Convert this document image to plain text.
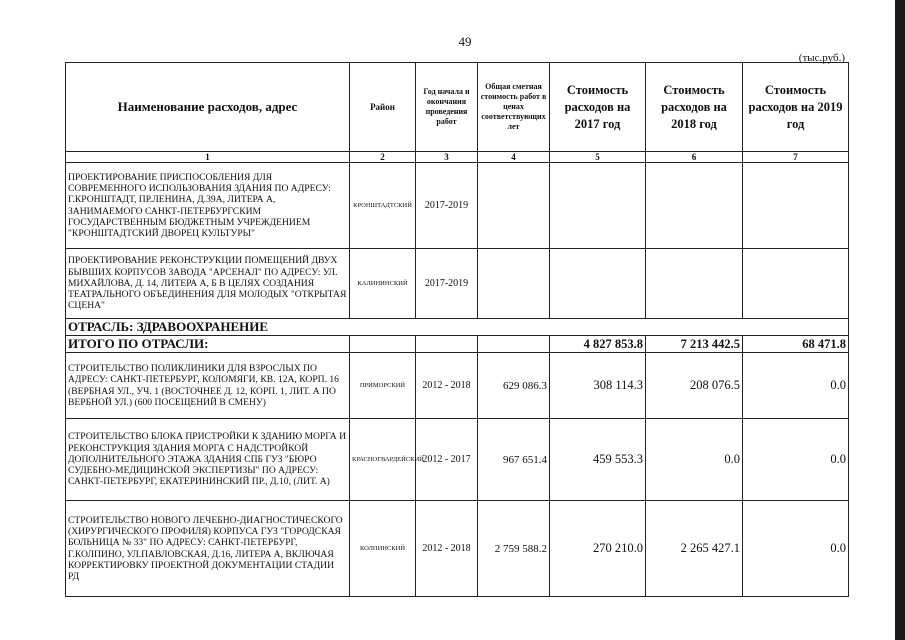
49
(тыс.руб.)
Наименование расходов, адрес	Район	Год начала и окончания проведения работ	Общая сметная стоимость работ в ценах соответствующих лет	Стоимость расходов на 2017 год	Стоимость расходов на 2018 год	Стоимость расходов на 2019 год
1	2	3	4	5	6	7
ПРОЕКТИРОВАНИЕ ПРИСПОСОБЛЕНИЯ ДЛЯ СОВРЕМЕННОГО ИСПОЛЬЗОВАНИЯ ЗДАНИЯ ПО АДРЕСУ: Г.КРОНШТАДТ, ПР.ЛЕНИНА, Д.39А, ЛИТЕРА А, ЗАНИМАЕМОГО САНКТ-ПЕТЕРБУРГСКИМ ГОСУДАРСТВЕННЫМ БЮДЖЕТНЫМ УЧРЕЖДЕНИЕМ "КРОНШТАДТСКИЙ ДВОРЕЦ КУЛЬТУРЫ"	КРОНШТАДТСКИЙ	2017-2019				
ПРОЕКТИРОВАНИЕ РЕКОНСТРУКЦИИ ПОМЕЩЕНИЙ ДВУХ БЫВШИХ КОРПУСОВ ЗАВОДА "АРСЕНАЛ" ПО АДРЕСУ: УЛ. МИХАЙЛОВА, Д. 14, ЛИТЕРА А, Б В ЦЕЛЯХ СОЗДАНИЯ ТЕАТРАЛЬНОГО ОБЪЕДИНЕНИЯ ДЛЯ МОЛОДЫХ "ОТКРЫТАЯ СЦЕНА"	КАЛИНИНСКИЙ	2017-2019				
ОТРАСЛЬ: ЗДРАВООХРАНЕНИЕ						
ИТОГО ПО ОТРАСЛИ:				4 827 853.8	7 213 442.5	68 471.8
СТРОИТЕЛЬСТВО ПОЛИКЛИНИКИ ДЛЯ ВЗРОСЛЫХ ПО АДРЕСУ: САНКТ-ПЕТЕРБУРГ, КОЛОМЯГИ, КВ. 12А, КОРП. 16 (ВЕРБНАЯ УЛ., УЧ. 1 (ВОСТОЧНЕЕ Д. 12, КОРП. 1, ЛИТ. А ПО ВЕРБНОЙ УЛ.) (600 ПОСЕЩЕНИЙ В СМЕНУ)	ПРИМОРСКИЙ	2012 - 2018	629 086.3	308 114.3	208 076.5	0.0
СТРОИТЕЛЬСТВО БЛОКА ПРИСТРОЙКИ К ЗДАНИЮ МОРГА И РЕКОНСТРУКЦИЯ ЗДАНИЯ МОРГА С НАДСТРОЙКОЙ ДОПОЛНИТЕЛЬНОГО ЭТАЖА ЗДАНИЯ СПБ ГУЗ "БЮРО СУДЕБНО-МЕДИЦИНСКОЙ ЭКСПЕРТИЗЫ" ПО АДРЕСУ: САНКТ-ПЕТЕРБУРГ, ЕКАТЕРИНИНСКИЙ ПР., Д.10, (ЛИТ. А)	КРАСНОГВАРДЕЙСКИЙ	2012 - 2017	967 651.4	459 553.3	0.0	0.0
СТРОИТЕЛЬСТВО НОВОГО ЛЕЧЕБНО-ДИАГНОСТИЧЕСКОГО (ХИРУРГИЧЕСКОГО ПРОФИЛЯ) КОРПУСА ГУЗ "ГОРОДСКАЯ БОЛЬНИЦА № 33" ПО АДРЕСУ: САНКТ-ПЕТЕРБУРГ, Г.КОЛПИНО, УЛ.ПАВЛОВСКАЯ, Д.16, ЛИТЕРА А, ВКЛЮЧАЯ КОРРЕКТИРОВКУ ПРОЕКТНОЙ ДОКУМЕНТАЦИИ СТАДИИ РД	КОЛПИНСКИЙ	2012 - 2018	2 759 588.2	270 210.0	2 265 427.1	0.0
